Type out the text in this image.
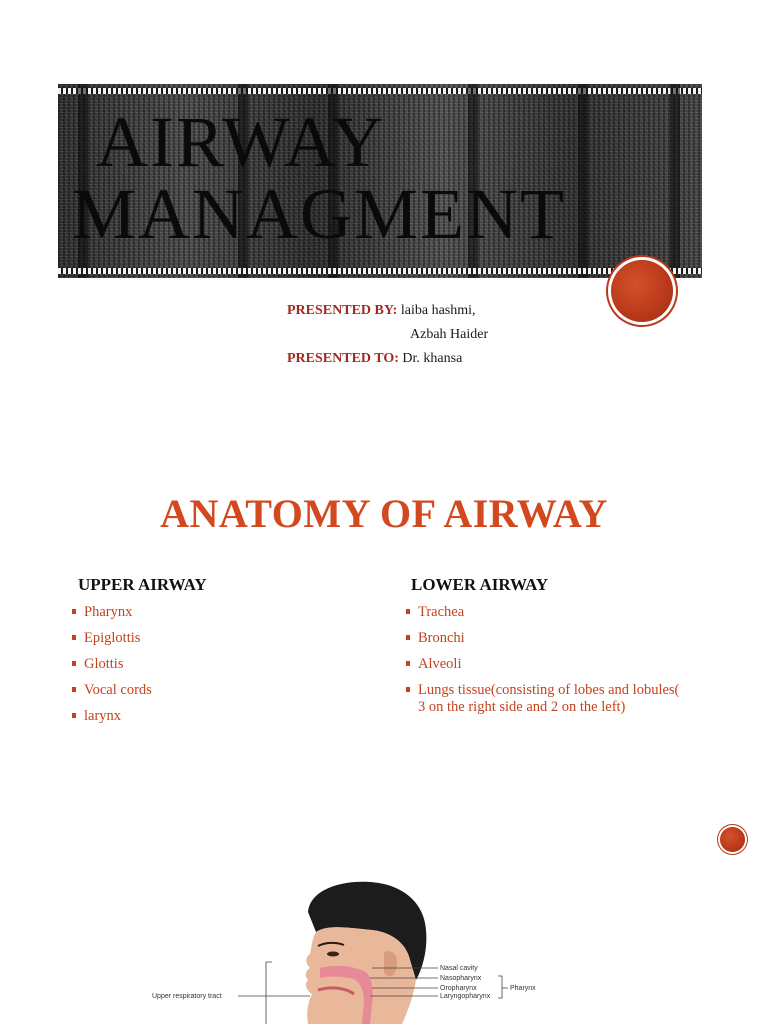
AIRWAY
MANAGMENT
PRESENTED BY: laiba hashmi,
Azbah Haider
PRESENTED TO: Dr. khansa
ANATOMY OF AIRWAY
UPPER AIRWAY
Pharynx
Epiglottis
Glottis
Vocal cords
larynx
LOWER AIRWAY
Trachea
Bronchi
Alveoli
Lungs tissue(consisting of lobes and lobules( 3 on the right side and 2 on the left)
Nasal cavity
Nasopharynx
Oropharynx
Laryngopharynx
Pharynx
Upper respiratory tract
